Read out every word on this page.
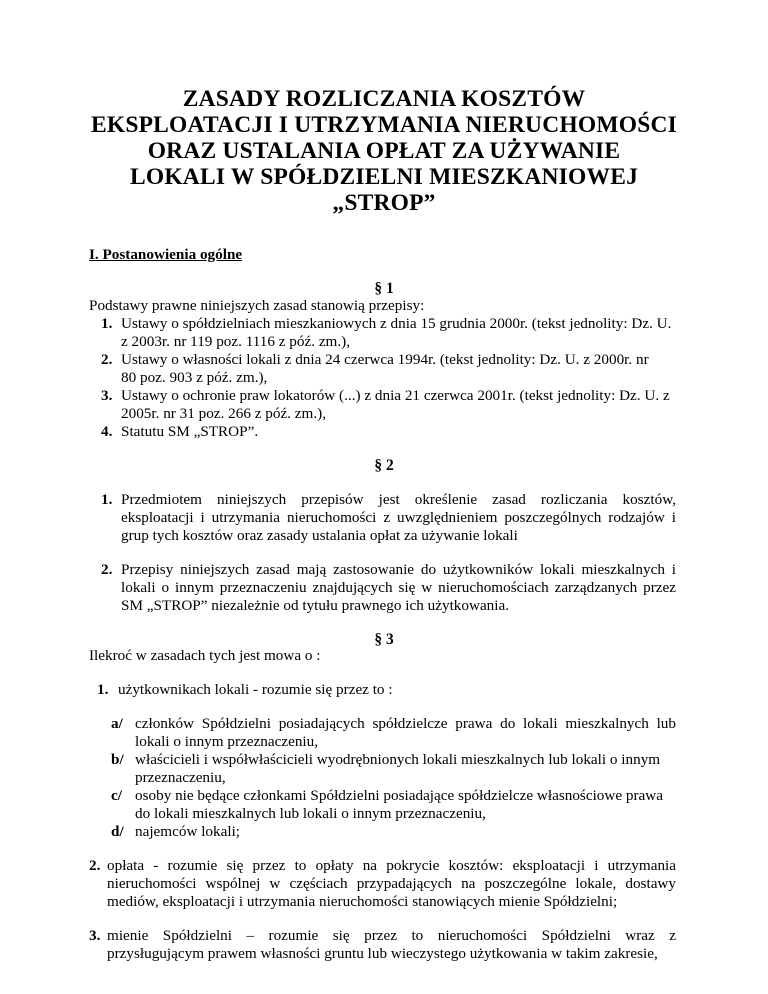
ZASADY ROZLICZANIA KOSZTÓW
EKSPLOATACJI I UTRZYMANIA NIERUCHOMOŚCI
ORAZ USTALANIA OPŁAT ZA UŻYWANIE
LOKALI W SPÓŁDZIELNI MIESZKANIOWEJ
„STROP”
I. Postanowienia ogólne
§ 1
Podstawy prawne niniejszych zasad stanowią przepisy:
1. Ustawy o spółdzielniach mieszkaniowych z dnia 15 grudnia 2000r. (tekst jednolity: Dz. U.
z 2003r. nr 119 poz. 1116 z póź. zm.),
2. Ustawy o własności lokali z dnia 24 czerwca 1994r. (tekst jednolity: Dz. U. z 2000r. nr
80 poz. 903 z póź. zm.),
3. Ustawy o ochronie praw lokatorów (...) z dnia 21 czerwca 2001r. (tekst jednolity: Dz. U. z
2005r. nr 31 poz. 266 z póź. zm.),
4. Statutu SM „STROP”.
§ 2
1. Przedmiotem niniejszych przepisów jest określenie zasad rozliczania kosztów,
eksploatacji i utrzymania nieruchomości z uwzględnieniem poszczególnych rodzajów i
grup tych kosztów oraz zasady ustalania opłat za używanie lokali
2. Przepisy niniejszych zasad mają zastosowanie do użytkowników lokali mieszkalnych i
lokali o innym przeznaczeniu znajdujących się w nieruchomościach zarządzanych przez
SM „STROP” niezależnie od tytułu prawnego ich użytkowania.
§ 3
Ilekroć w zasadach tych jest mowa o :
1. użytkownikach lokali - rozumie się przez to :
a/ członków Spółdzielni posiadających spółdzielcze prawa do lokali mieszkalnych lub
lokali o innym przeznaczeniu,
b/ właścicieli i współwłaścicieli wyodrębnionych lokali mieszkalnych lub lokali o innym
przeznaczeniu,
c/ osoby nie będące członkami Spółdzielni posiadające spółdzielcze własnościowe prawa
do lokali mieszkalnych lub lokali o innym przeznaczeniu,
d/ najemców lokali;
2. opłata - rozumie się przez to opłaty na pokrycie kosztów: eksploatacji i utrzymania
nieruchomości wspólnej w częściach przypadających na poszczególne lokale, dostawy
mediów, eksploatacji i utrzymania nieruchomości stanowiących mienie Spółdzielni;
3. mienie Spółdzielni – rozumie się przez to nieruchomości Spółdzielni wraz z
przysługującym prawem własności gruntu lub wieczystego użytkowania w takim zakresie,
